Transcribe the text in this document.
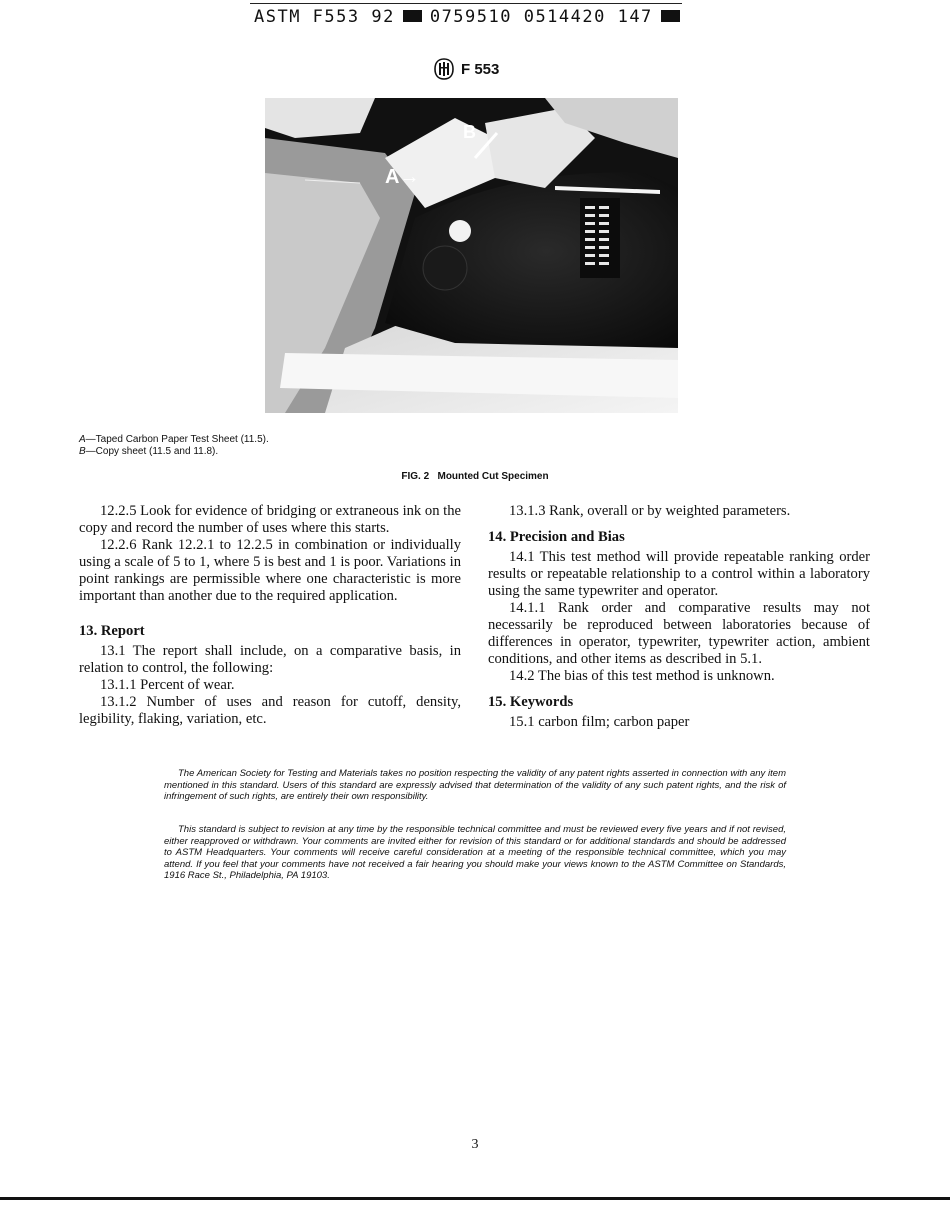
ASTM F553 92 0759510 0514420 147
F 553
A→
B
A—Taped Carbon Paper Test Sheet (11.5).
B—Copy sheet (11.5 and 11.8).
FIG. 2   Mounted Cut Specimen

12.2.5 Look for evidence of bridging or extraneous ink on the copy and record the number of uses where this starts.

12.2.6 Rank 12.2.1 to 12.2.5 in combination or individually using a scale of 5 to 1, where 5 is best and 1 is poor. Variations in point rankings are permissible where one characteristic is more important than another due to the required application.

13. Report

13.1 The report shall include, on a comparative basis, in relation to control, the following:

13.1.1 Percent of wear.

13.1.2 Number of uses and reason for cutoff, density, legibility, flaking, variation, etc.

13.1.3 Rank, overall or by weighted parameters.

14. Precision and Bias

14.1 This test method will provide repeatable ranking order results or repeatable relationship to a control within a laboratory using the same typewriter and operator.

14.1.1 Rank order and comparative results may not necessarily be reproduced between laboratories because of differences in operator, typewriter, typewriter action, ambient conditions, and other items as described in 5.1.

14.2 The bias of this test method is unknown.

15. Keywords

15.1 carbon film; carbon paper

The American Society for Testing and Materials takes no position respecting the validity of any patent rights asserted in connection with any item mentioned in this standard. Users of this standard are expressly advised that determination of the validity of any such patent rights, and the risk of infringement of such rights, are entirely their own responsibility.

This standard is subject to revision at any time by the responsible technical committee and must be reviewed every five years and if not revised, either reapproved or withdrawn. Your comments are invited either for revision of this standard or for additional standards and should be addressed to ASTM Headquarters. Your comments will receive careful consideration at a meeting of the responsible technical committee, which you may attend. If you feel that your comments have not received a fair hearing you should make your views known to the ASTM Committee on Standards, 1916 Race St., Philadelphia, PA 19103.

3
